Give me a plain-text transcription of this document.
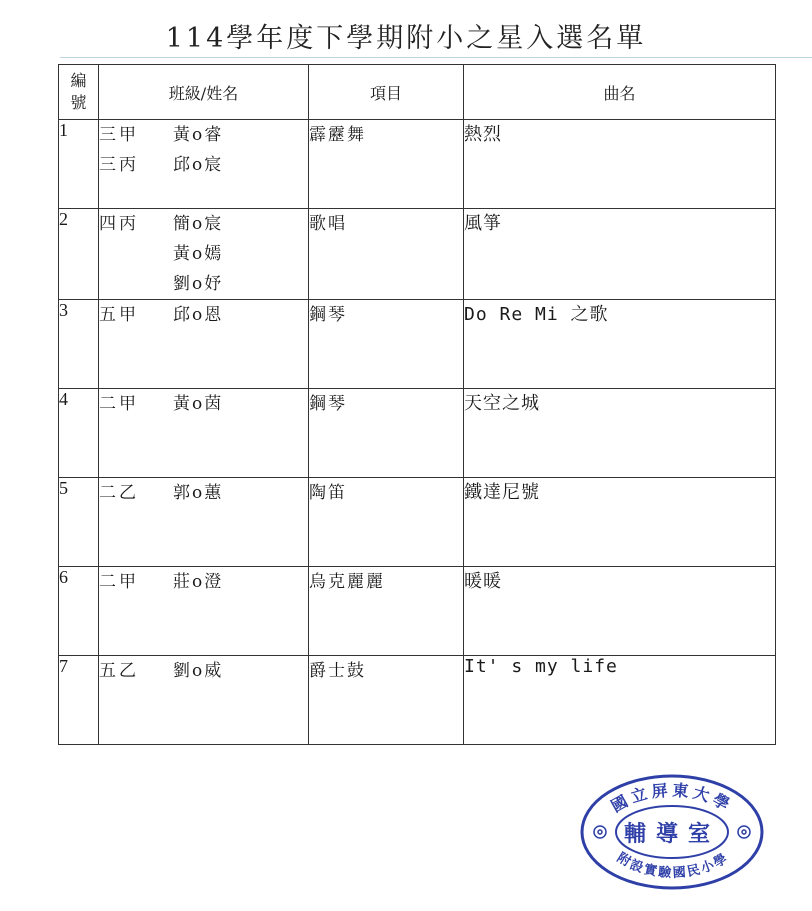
114學年度下學期附小之星入選名單
編
號	班級/姓名	項目	曲名
1	三甲 黃o睿
三丙 邱o宸	霹靂舞	熱烈
2	四丙 簡o宸
黃o嫣
劉o妤	歌唱	風箏
3	五甲 邱o恩	鋼琴	Do Re Mi 之歌
4	二甲 黃o茵	鋼琴	天空之城
5	二乙 郭o蕙	陶笛	鐵達尼號
6	二甲 莊o澄	烏克麗麗	暖暖
7	五乙 劉o威	爵士鼓	It' s my life
國立屏東大學
附設實驗國民小學
輔導室
